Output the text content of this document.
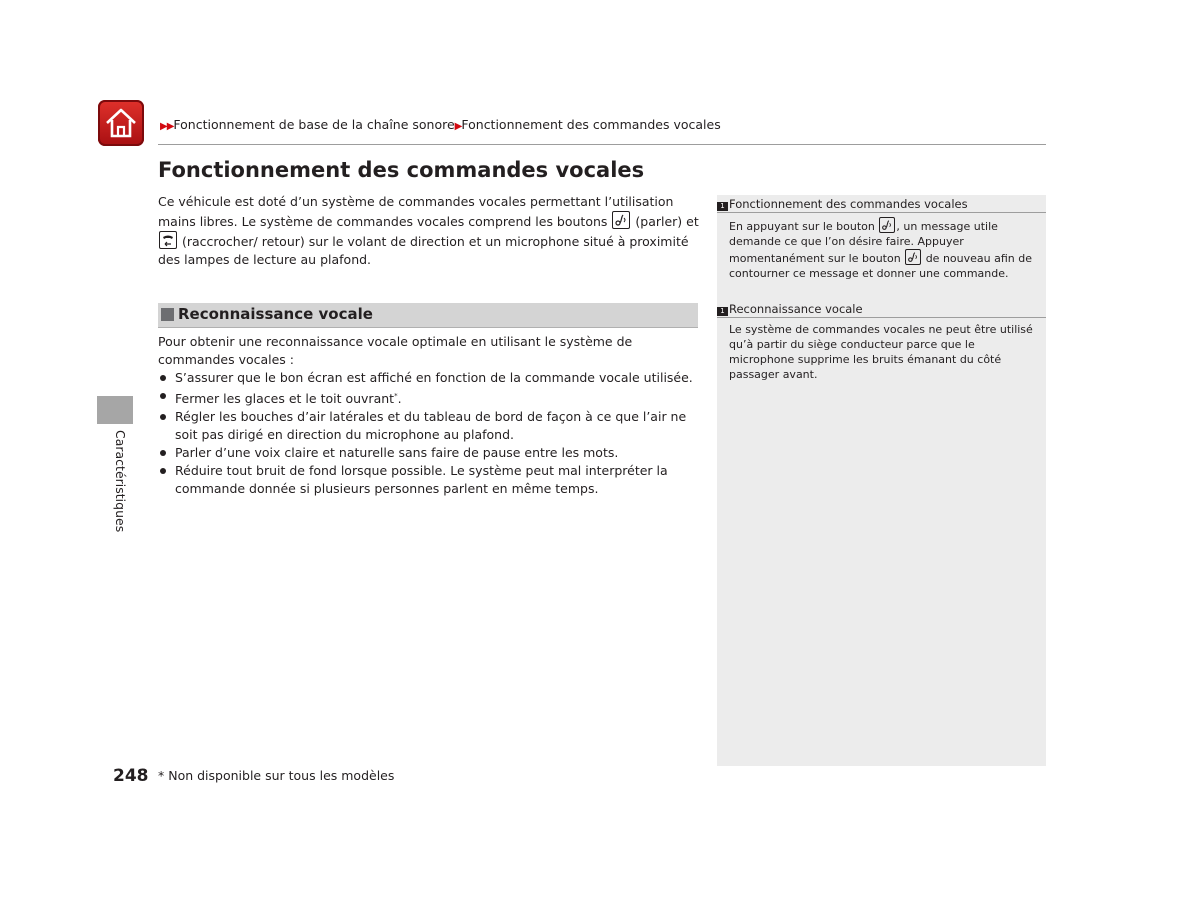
▶▶Fonctionnement de base de la chaîne sonore▶Fonctionnement des commandes vocales
Fonctionnement des commandes vocales

Ce véhicule est doté d’un système de commandes vocales permettant l’utilisation mains libres. Le système de commandes vocales comprend les boutons (parler) et
(raccrocher/ retour) sur le volant de direction et un microphone situé à proximité des lampes de lecture au plafond.

Reconnaissance vocale

Pour obtenir une reconnaissance vocale optimale en utilisant le système de commandes vocales :

S’assurer que le bon écran est affiché en fonction de la commande vocale utilisée.
Fermer les glaces et le toit ouvrant*.
Régler les bouches d’air latérales et du tableau de bord de façon à ce que l’air ne soit pas dirigé en direction du microphone au plafond.
Parler d’une voix claire et naturelle sans faire de pause entre les mots.
Réduire tout bruit de fond lorsque possible. Le système peut mal interpréter la commande donnée si plusieurs personnes parlent en même temps.
Caractéristiques
1 Fonctionnement des commandes vocales

En appuyant sur le bouton , un message utile demande ce que l’on désire faire. Appuyer momentanément sur le bouton de nouveau afin de contourner ce message et donner une commande.

1 Reconnaissance vocale

Le système de commandes vocales ne peut être utilisé qu’à partir du siège conducteur parce que le microphone supprime les bruits émanant du côté passager avant.

248 * Non disponible sur tous les modèles
